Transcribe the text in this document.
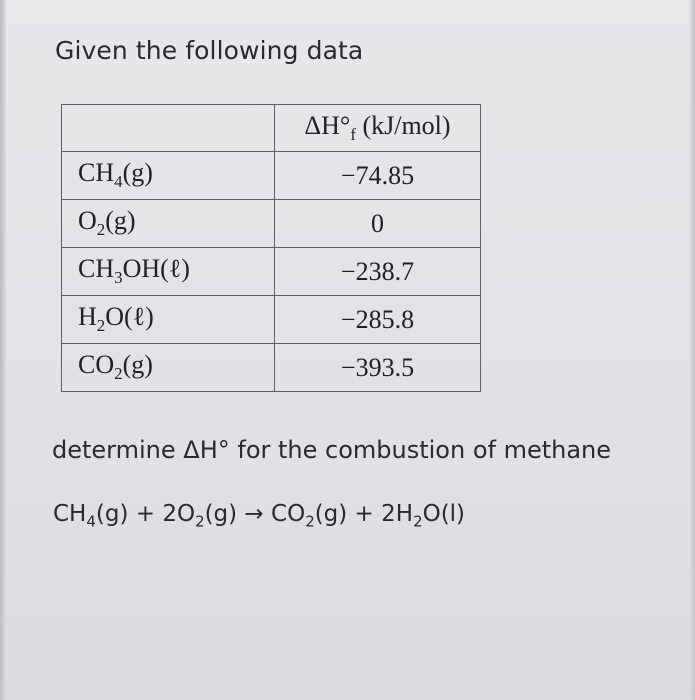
Given the following data
	$\Delta H^\circ_f$ (kJ/mol)
$CH_4(g)$	−74.85
$O_2(g)$	0
$CH_3OH(\ell)$	−238.7
$H_2O(\ell)$	−285.8
$CO_2(g)$	−393.5
determine ΔH° for the combustion of methane
$CH_4(g) + 2O_2(g) \to CO_2(g) + 2H_2O(l)$
